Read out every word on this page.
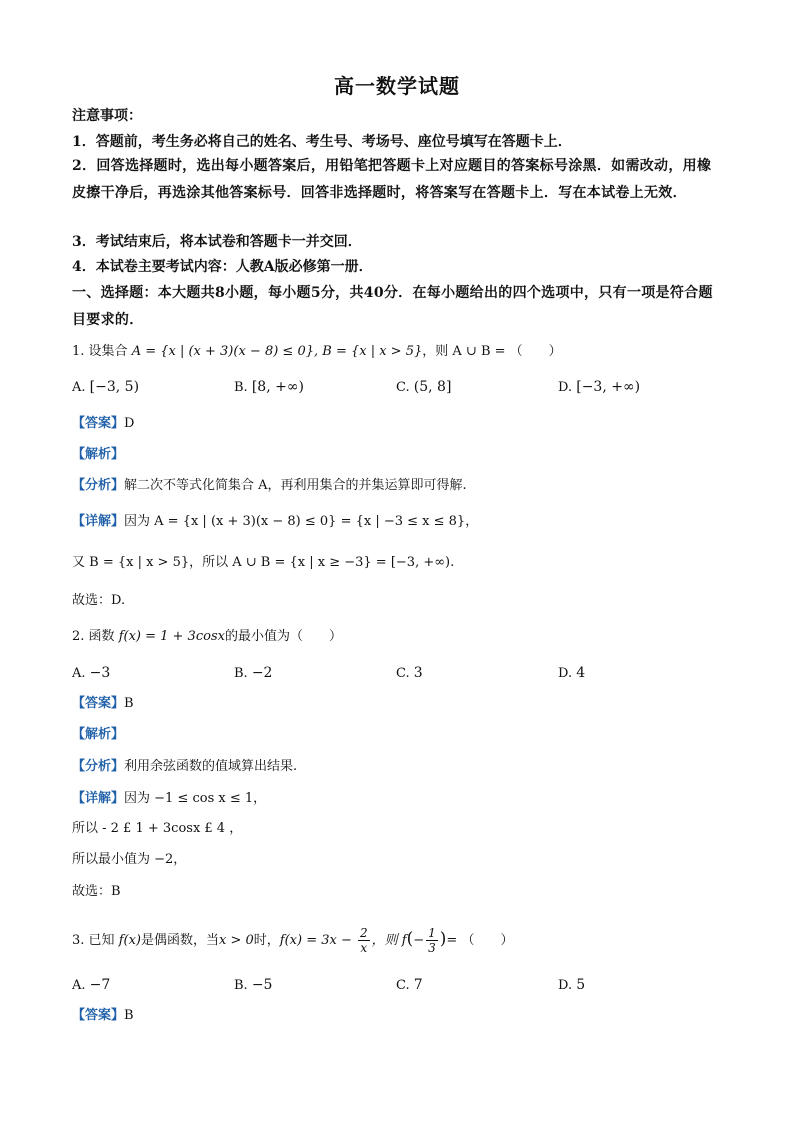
高一数学试题
注意事项：
1．答题前，考生务必将自己的姓名、考生号、考场号、座位号填写在答题卡上．
2．回答选择题时，选出每小题答案后，用铅笔把答题卡上对应题目的答案标号涂黑．如需改动，用橡皮擦干净后，再选涂其他答案标号．回答非选择题时，将答案写在答题卡上．写在本试卷上无效．
3．考试结束后，将本试卷和答题卡一并交回．
4．本试卷主要考试内容：人教A版必修第一册．
一、选择题：本大题共8小题，每小题5分，共40分．在每小题给出的四个选项中，只有一项是符合题目要求的．
1. 设集合 A = {x | (x + 3)(x − 8) ≤ 0}, B = {x | x > 5}，则 A ∪ B = （　　）
A. [−3, 5)	B. [8, +∞)	C. (5, 8]	D. [−3, +∞)
【答案】D
【解析】
【分析】解二次不等式化简集合 A，再利用集合的并集运算即可得解.
【详解】因为 A = {x | (x + 3)(x − 8) ≤ 0} = {x | −3 ≤ x ≤ 8}，
又 B = {x | x > 5}，所以 A ∪ B = {x | x ≥ −3} = [−3, +∞).
故选：D.
2. 函数 f(x) = 1 + 3cosx的最小值为（　　）
A. −3	B. −2	C. 3	D. 4
【答案】B
【解析】
【分析】利用余弦函数的值域算出结果.
【详解】因为 −1 ≤ cos x ≤ 1，
所以 - 2 £ 1 + 3cosx £ 4 ，
所以最小值为 −2，
故选：B
3. 已知 f(x)是偶函数，当x > 0时，$f(x) = 3x - \frac{2}{x}$ ，则 $f(- \frac{1}{3}$ )= （　　）
A. −7	B. −5	C. 7	D. 5
【答案】B
